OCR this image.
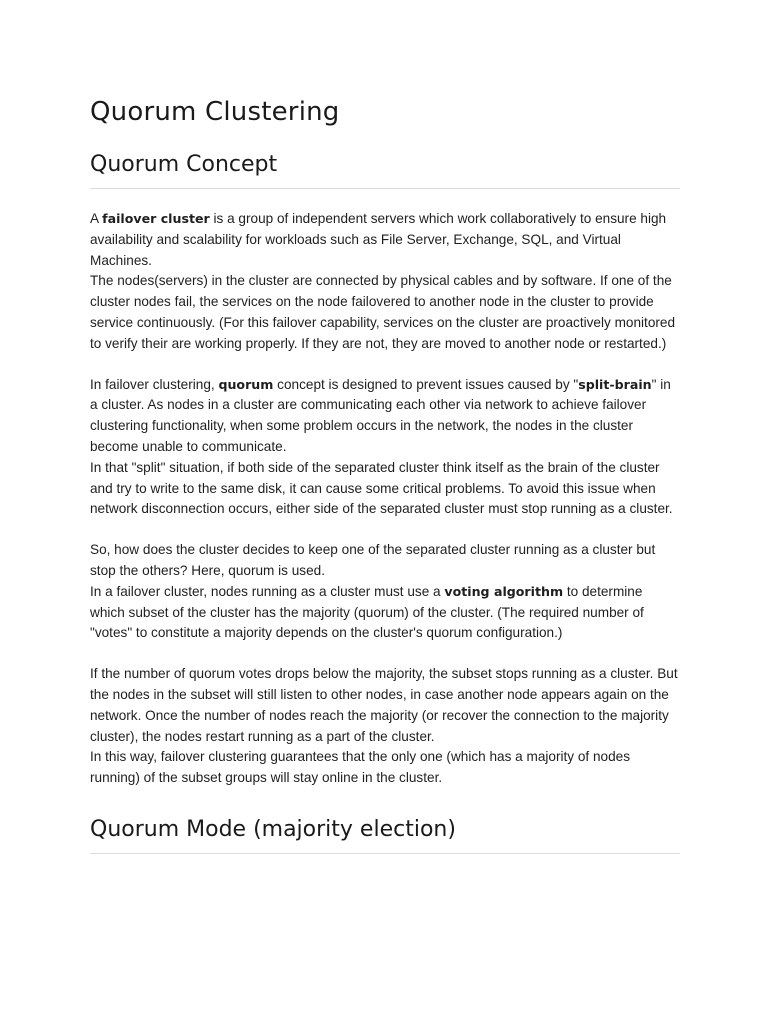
Quorum Clustering
Quorum Concept

A failover cluster is a group of independent servers which work collaboratively to ensure high availability and scalability for workloads such as File Server, Exchange, SQL, and Virtual Machines.
The nodes(servers) in the cluster are connected by physical cables and by software. If one of the cluster nodes fail, the services on the node failovered to another node in the cluster to provide service continuously. (For this failover capability, services on the cluster are proactively monitored to verify their are working properly. If they are not, they are moved to another node or restarted.)

In failover clustering, quorum concept is designed to prevent issues caused by "split-brain" in a cluster. As nodes in a cluster are communicating each other via network to achieve failover clustering functionality, when some problem occurs in the network, the nodes in the cluster become unable to communicate.
In that "split" situation, if both side of the separated cluster think itself as the brain of the cluster and try to write to the same disk, it can cause some critical problems. To avoid this issue when network disconnection occurs, either side of the separated cluster must stop running as a cluster.

So, how does the cluster decides to keep one of the separated cluster running as a cluster but stop the others? Here, quorum is used.
In a failover cluster, nodes running as a cluster must use a voting algorithm to determine which subset of the cluster has the majority (quorum) of the cluster. (The required number of "votes" to constitute a majority depends on the cluster's quorum configuration.)

If the number of quorum votes drops below the majority, the subset stops running as a cluster. But the nodes in the subset will still listen to other nodes, in case another node appears again on the network. Once the number of nodes reach the majority (or recover the connection to the majority cluster), the nodes restart running as a part of the cluster.
In this way, failover clustering guarantees that the only one (which has a majority of nodes running) of the subset groups will stay online in the cluster.

Quorum Mode (majority election)
